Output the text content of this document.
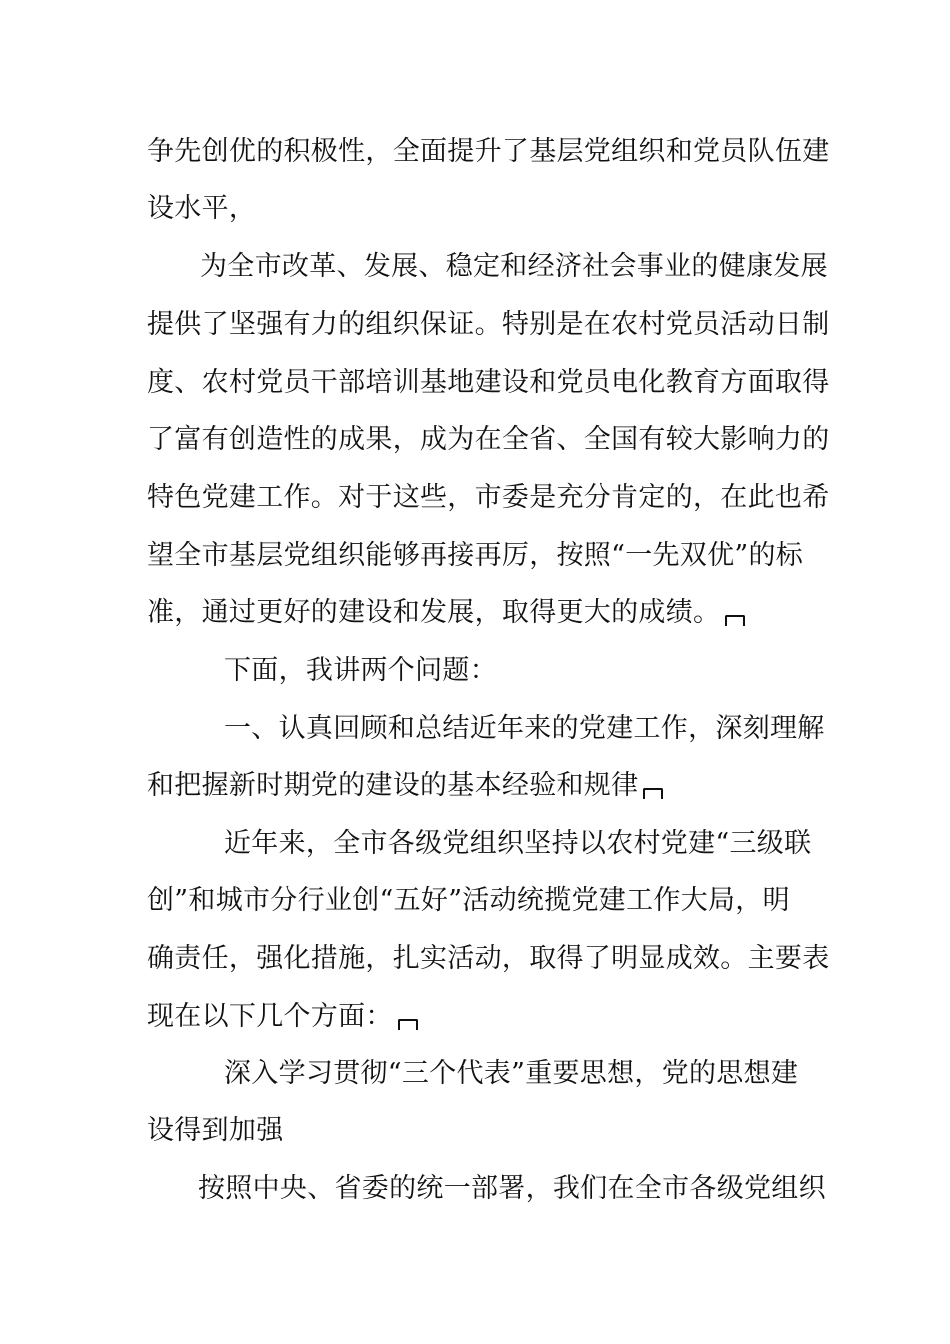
争先创优的积极性，全面提升了基层党组织和党员队伍建
设水平，
为全市改革、发展、稳定和经济社会事业的健康发展
提供了坚强有力的组织保证。特别是在农村党员活动日制
度、农村党员干部培训基地建设和党员电化教育方面取得
了富有创造性的成果，成为在全省、全国有较大影响力的
特色党建工作。对于这些，市委是充分肯定的，在此也希
望全市基层党组织能够再接再厉，按照“一先双优”的标
准，通过更好的建设和发展，取得更大的成绩。
下面，我讲两个问题：
一、认真回顾和总结近年来的党建工作，深刻理解
和把握新时期党的建设的基本经验和规律
近年来，全市各级党组织坚持以农村党建“三级联
创”和城市分行业创“五好”活动统揽党建工作大局，明
确责任，强化措施，扎实活动，取得了明显成效。主要表
现在以下几个方面：
深入学习贯彻“三个代表”重要思想，党的思想建
设得到加强
按照中央、省委的统一部署，我们在全市各级党组织
